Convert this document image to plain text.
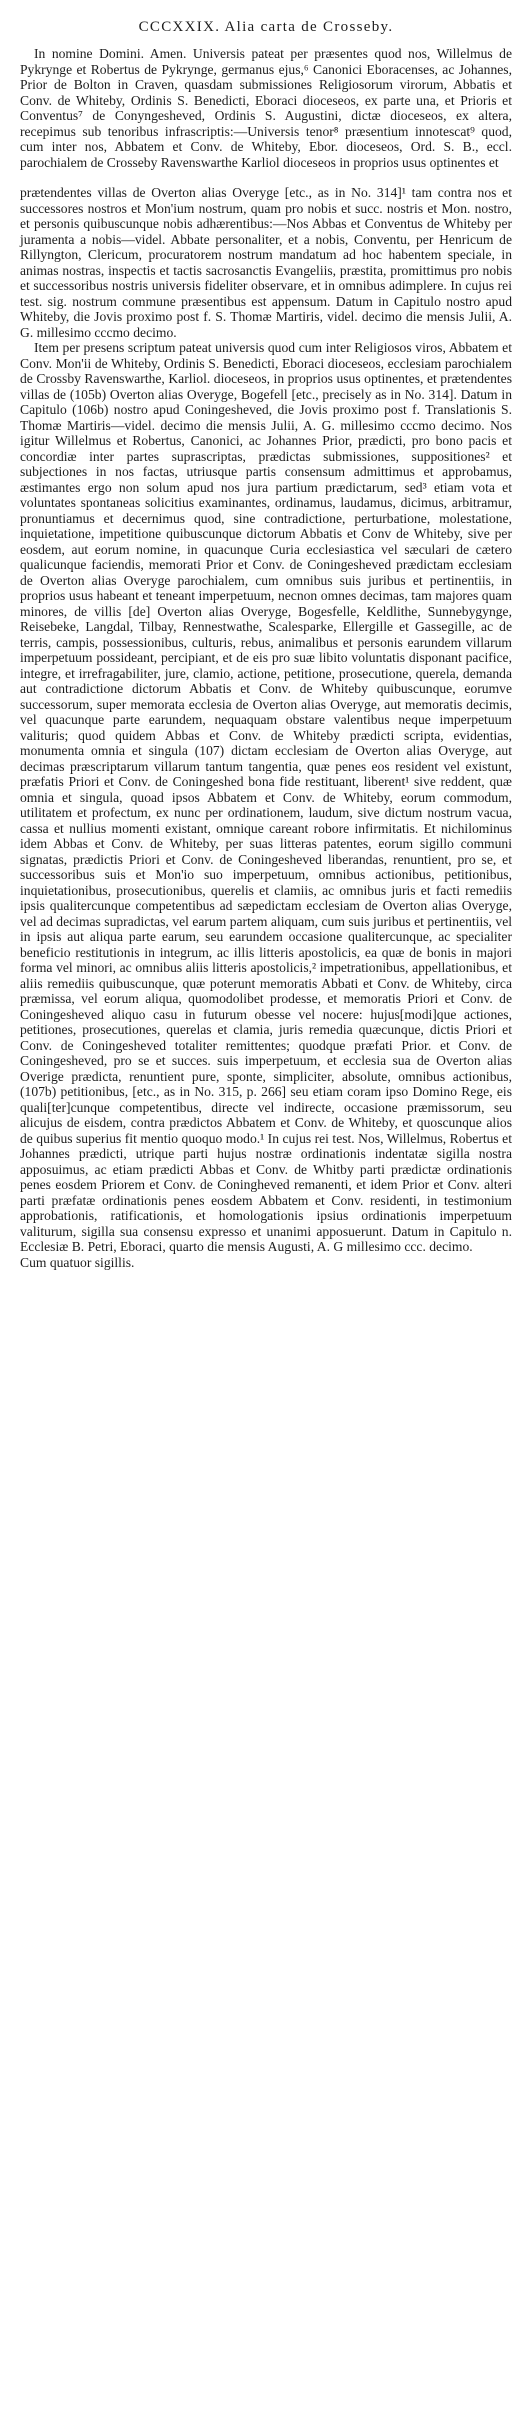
CCCXXIX. Alia carta de Crosseby.

In nomine Domini. Amen. Universis pateat per præsentes quod nos, Willelmus de Pykrynge et Robertus de Pykrynge, germanus ejus,⁶ Canonici Eboracenses, ac Johannes, Prior de Bolton in Craven, quasdam submissiones Religiosorum virorum, Abbatis et Conv. de Whiteby, Ordinis S. Benedicti, Eboraci dioceseos, ex parte una, et Prioris et Conventus⁷ de Conyngesheved, Ordinis S. Augustini, dictæ dioceseos, ex altera, recepimus sub tenoribus infrascriptis:—Universis tenor⁸ præsentium innotescat⁹ quod, cum inter nos, Abbatem et Conv. de Whiteby, Ebor. dioceseos, Ord. S. B., eccl. parochialem de Crosseby Ravenswarthe Karliol dioceseos in proprios usus optinentes et

prætendentes villas de Overton alias Overyge [etc., as in No. 314]¹ tam contra nos et successores nostros et Mon'ium nostrum, quam pro nobis et succ. nostris et Mon. nostro, et personis quibuscunque nobis adhærentibus:—Nos Abbas et Conventus de Whiteby per juramenta a nobis—videl. Abbate personaliter, et a nobis, Conventu, per Henricum de Rillyngton, Clericum, procuratorem nostrum mandatum ad hoc habentem speciale, in animas nostras, inspectis et tactis sacrosanctis Evangeliis, præstita, promittimus pro nobis et successoribus nostris universis fideliter observare, et in omnibus adimplere. In cujus rei test. sig. nostrum commune præsentibus est appensum. Datum in Capitulo nostro apud Whiteby, die Jovis proximo post f. S. Thomæ Martiris, videl. decimo die mensis Julii, A. G. millesimo cccmo decimo.

Item per presens scriptum pateat universis quod cum inter Religiosos viros, Abbatem et Conv. Mon'ii de Whiteby, Ordinis S. Benedicti, Eboraci dioceseos, ecclesiam parochialem de Crossby Ravenswarthe, Karliol. dioceseos, in proprios usus optinentes, et prætendentes villas de (105b) Overton alias Overyge, Bogefell [etc., precisely as in No. 314]. Datum in Capitulo (106b) nostro apud Coningesheved, die Jovis proximo post f. Translationis S. Thomæ Martiris—videl. decimo die mensis Julii, A. G. millesimo cccmo decimo. Nos igitur Willelmus et Robertus, Canonici, ac Johannes Prior, prædicti, pro bono pacis et concordiæ inter partes suprascriptas, prædictas submissiones, suppositiones² et subjectiones in nos factas, utriusque partis consensum admittimus et approbamus, æstimantes ergo non solum apud nos jura partium prædictarum, sed³ etiam vota et voluntates spontaneas solicitius examinantes, ordinamus, laudamus, dicimus, arbitramur, pronuntiamus et decernimus quod, sine contradictione, perturbatione, molestatione, inquietatione, impetitione quibuscunque dictorum Abbatis et Conv de Whiteby, sive per eosdem, aut eorum nomine, in quacunque Curia ecclesiastica vel sæculari de cætero qualicunque faciendis, memorati Prior et Conv. de Coningesheved prædictam ecclesiam de Overton alias Overyge parochialem, cum omnibus suis juribus et pertinentiis, in proprios usus habeant et teneant imperpetuum, necnon omnes decimas, tam majores quam minores, de villis [de] Overton alias Overyge, Bogesfelle, Keldlithe, Sunnebygynge, Reisebeke, Langdal, Tilbay, Rennestwathe, Scalesparke, Ellergille et Gassegille, ac de terris, campis, possessionibus, culturis, rebus, animalibus et personis earundem villarum imperpetuum possideant, percipiant, et de eis pro suæ libito voluntatis disponant pacifice, integre, et irrefragabiliter, jure, clamio, actione, petitione, prosecutione, querela, demanda aut contradictione dictorum Abbatis et Conv. de Whiteby quibuscunque, eorumve successorum, super memorata ecclesia de Overton alias Overyge, aut memoratis decimis, vel quacunque parte earundem, nequaquam obstare valentibus neque imperpetuum valituris; quod quidem Abbas et Conv. de Whiteby prædicti scripta, evidentias, monumenta omnia et singula (107) dictam ecclesiam de Overton alias Overyge, aut decimas præscriptarum villarum tantum tangentia, quæ penes eos resident vel existunt, præfatis Priori et Conv. de Coningeshed bona fide restituant, liberent¹ sive reddent, quæ omnia et singula, quoad ipsos Abbatem et Conv. de Whiteby, eorum commodum, utilitatem et profectum, ex nunc per ordinationem, laudum, sive dictum nostrum vacua, cassa et nullius momenti existant, omnique careant robore infirmitatis. Et nichilominus idem Abbas et Conv. de Whiteby, per suas litteras patentes, eorum sigillo communi signatas, prædictis Priori et Conv. de Coningesheved liberandas, renuntient, pro se, et successoribus suis et Mon'io suo imperpetuum, omnibus actionibus, petitionibus, inquietationibus, prosecutionibus, querelis et clamiis, ac omnibus juris et facti remediis ipsis qualitercunque competentibus ad sæpedictam ecclesiam de Overton alias Overyge, vel ad decimas supradictas, vel earum partem aliquam, cum suis juribus et pertinentiis, vel in ipsis aut aliqua parte earum, seu earundem occasione qualitercunque, ac specialiter beneficio restitutionis in integrum, ac illis litteris apostolicis, ea quæ de bonis in majori forma vel minori, ac omnibus aliis litteris apostolicis,² impetrationibus, appellationibus, et aliis remediis quibuscunque, quæ poterunt memoratis Abbati et Conv. de Whiteby, circa præmissa, vel eorum aliqua, quomodolibet prodesse, et memoratis Priori et Conv. de Coningesheved aliquo casu in futurum obesse vel nocere: hujus[modi]que actiones, petitiones, prosecutiones, querelas et clamia, juris remedia quæcunque, dictis Priori et Conv. de Coningesheved totaliter remittentes; quodque præfati Prior. et Conv. de Coningesheved, pro se et succes. suis imperpetuum, et ecclesia sua de Overton alias Overige prædicta, renuntient pure, sponte, simpliciter, absolute, omnibus actionibus, (107b) petitionibus, [etc., as in No. 315, p. 266] seu etiam coram ipso Domino Rege, eis quali[ter]cunque competentibus, directe vel indirecte, occasione præmissorum, seu alicujus de eisdem, contra prædictos Abbatem et Conv. de Whiteby, et quoscunque alios de quibus superius fit mentio quoquo modo.¹ In cujus rei test. Nos, Willelmus, Robertus et Johannes prædicti, utrique parti hujus nostræ ordinationis indentatæ sigilla nostra apposuimus, ac etiam prædicti Abbas et Conv. de Whitby parti prædictæ ordinationis penes eosdem Priorem et Conv. de Coningheved remanenti, et idem Prior et Conv. alteri parti præfatæ ordinationis penes eosdem Abbatem et Conv. residenti, in testimonium approbationis, ratificationis, et homologationis ipsius ordinationis imperpetuum valiturum, sigilla sua consensu expresso et unanimi apposuerunt. Datum in Capitulo n. Ecclesiæ B. Petri, Eboraci, quarto die mensis Augusti, A. G millesimo ccc. decimo.

Cum quatuor sigillis.
